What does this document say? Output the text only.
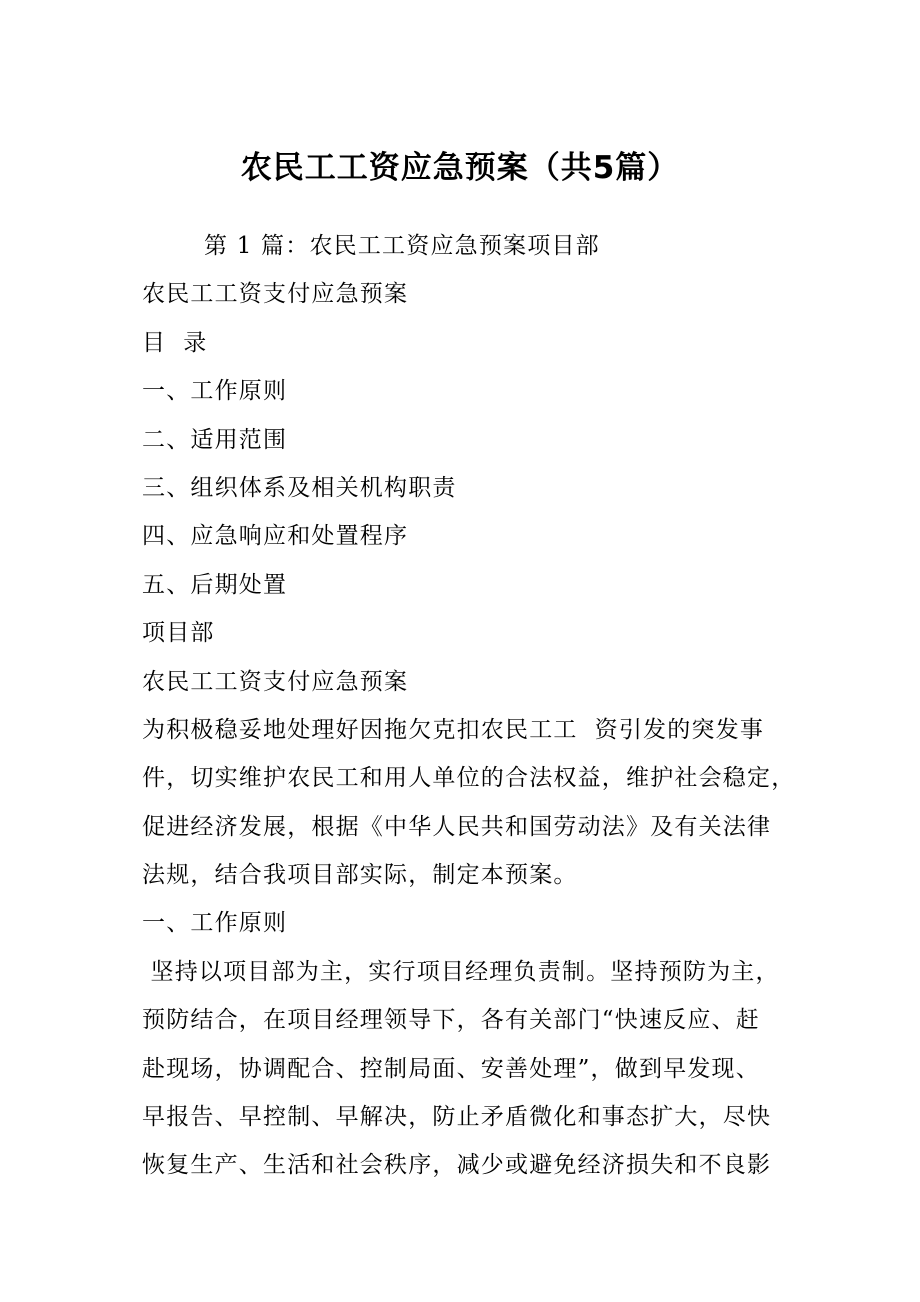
农民工工资应急预案（共5篇）
第 1 篇：农民工工资应急预案项目部
农民工工资支付应急预案
目  录
一、工作原则
二、适用范围
三、组织体系及相关机构职责
四、应急响应和处置程序
五、后期处置
项目部
农民工工资支付应急预案
为积极稳妥地处理好因拖欠克扣农民工工  资引发的突发事
件，切实维护农民工和用人单位的合法权益，维护社会稳定，
促进经济发展，根据《中华人民共和国劳动法》及有关法律
法规，结合我项目部实际，制定本预案。
一、工作原则
坚持以项目部为主，实行项目经理负责制。坚持预防为主，
预防结合，在项目经理领导下，各有关部门“快速反应、赶
赴现场，协调配合、控制局面、安善处理”，做到早发现、
早报告、早控制、早解决，防止矛盾微化和事态扩大，尽快
恢复生产、生活和社会秩序，减少或避免经济损失和不良影
